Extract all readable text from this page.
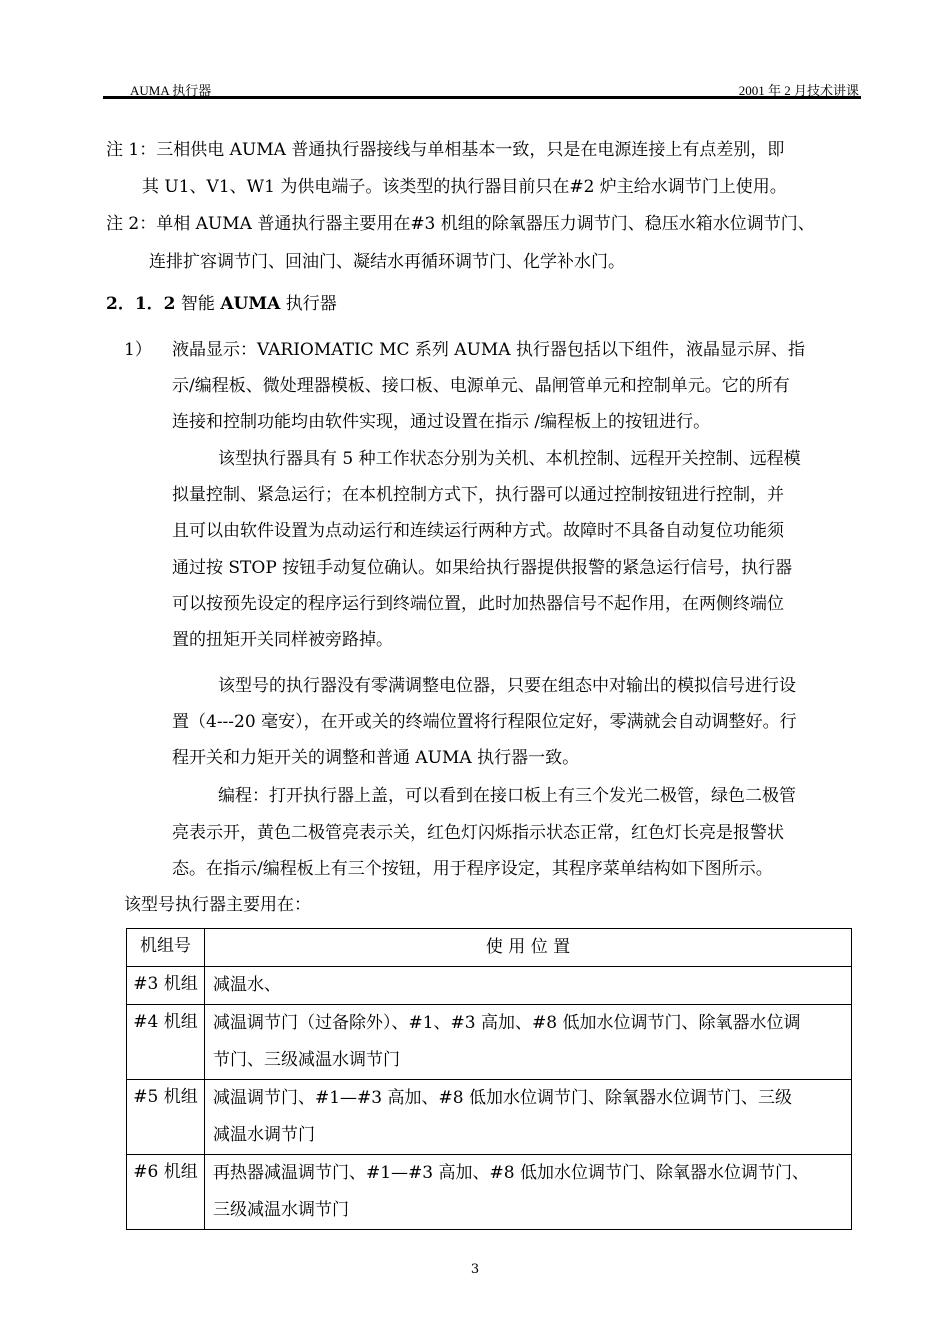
AUMA 执行器	2001 年 2 月技术讲课
注 1：三相供电 AUMA 普通执行器接线与单相基本一致，只是在电源连接上有点差别，即
其 U1、V1、W1 为供电端子。该类型的执行器目前只在#2 炉主给水调节门上使用。
注 2：单相 AUMA 普通执行器主要用在#3 机组的除氧器压力调节门、稳压水箱水位调节门、
连排扩容调节门、回油门、凝结水再循环调节门、化学补水门。
2．1．2 智能 AUMA 执行器
1） 液晶显示：VARIOMATIC MC 系列 AUMA 执行器包括以下组件，液晶显示屏、指
示/编程板、微处理器模板、接口板、电源单元、晶闸管单元和控制单元。它的所有
连接和控制功能均由软件实现，通过设置在指示 /编程板上的按钮进行。
该型执行器具有 5 种工作状态分别为关机、本机控制、远程开关控制、远程模
拟量控制、紧急运行；在本机控制方式下，执行器可以通过控制按钮进行控制，并
且可以由软件设置为点动运行和连续运行两种方式。故障时不具备自动复位功能须
通过按 STOP 按钮手动复位确认。如果给执行器提供报警的紧急运行信号，执行器
可以按预先设定的程序运行到终端位置，此时加热器信号不起作用，在两侧终端位
置的扭矩开关同样被旁路掉。
该型号的执行器没有零满调整电位器，只要在组态中对输出的模拟信号进行设
置（4---20 毫安），在开或关的终端位置将行程限位定好，零满就会自动调整好。行
程开关和力矩开关的调整和普通 AUMA 执行器一致。
编程：打开执行器上盖，可以看到在接口板上有三个发光二极管，绿色二极管
亮表示开，黄色二极管亮表示关，红色灯闪烁指示状态正常，红色灯长亮是报警状
态。在指示/编程板上有三个按钮，用于程序设定，其程序菜单结构如下图所示。
该型号执行器主要用在：
机组号	使 用 位 置

#3 机组	减温水、

#4 机组	减温调节门（过备除外）、#1、#3 高加、#8 低加水位调节门、除氧器水位调
节门、三级减温水调节门

#5 机组	减温调节门、#1—#3 高加、#8 低加水位调节门、除氧器水位调节门、三级
减温水调节门

#6 机组	再热器减温调节门、#1—#3 高加、#8 低加水位调节门、除氧器水位调节门、
三级减温水调节门
3
